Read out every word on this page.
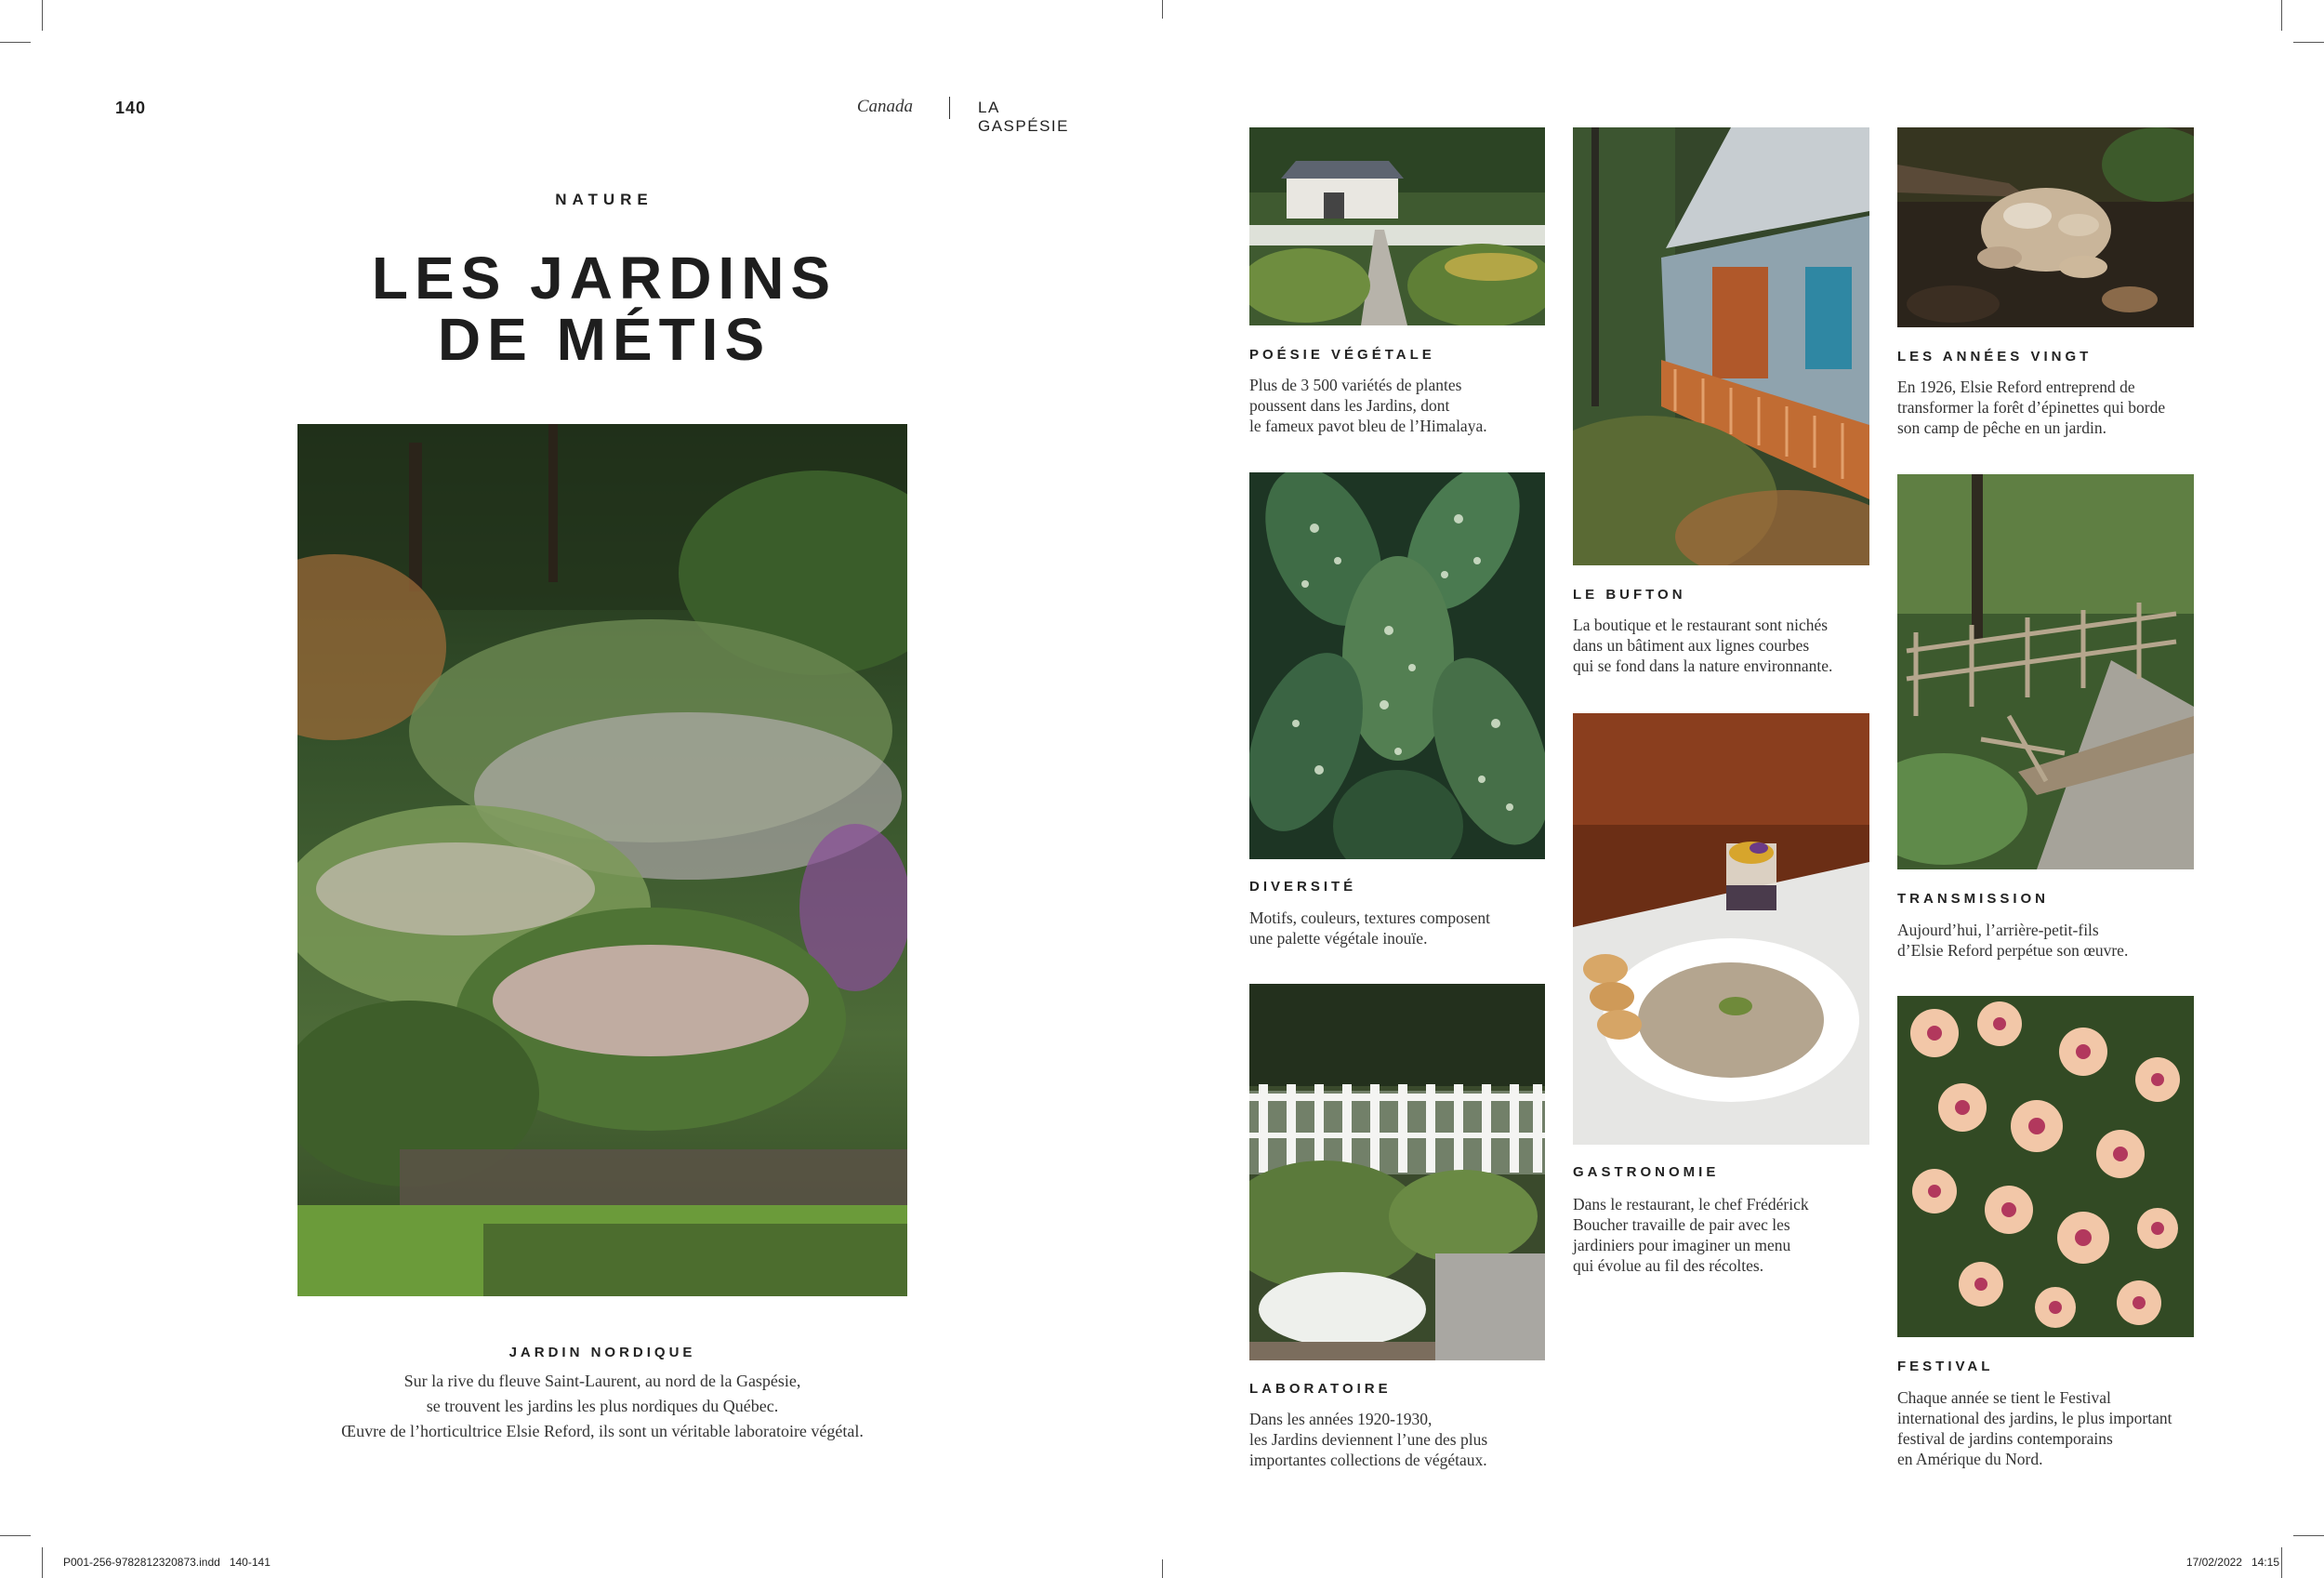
140	Canada	LA GASPÉSIE
NATURE
LES JARDINS
DE MÉTIS
JARDIN NORDIQUE
Sur la rive du fleuve Saint-Laurent, au nord de la Gaspésie,
se trouvent les jardins les plus nordiques du Québec.
Œuvre de l’horticultrice Elsie Reford, ils sont un véritable laboratoire végétal.
POÉSIE VÉGÉTALE
Plus de 3 500 variétés de plantes
poussent dans les Jardins, dont
le fameux pavot bleu de l’Himalaya.
DIVERSITÉ
Motifs, couleurs, textures composent
une palette végétale inouïe.
LABORATOIRE
Dans les années 1920-1930,
les Jardins deviennent l’une des plus
importantes collections de végétaux.
LE BUFTON
La boutique et le restaurant sont nichés
dans un bâtiment aux lignes courbes
qui se fond dans la nature environnante.
GASTRONOMIE
Dans le restaurant, le chef Frédérick
Boucher travaille de pair avec les
jardiniers pour imaginer un menu
qui évolue au fil des récoltes.
LES ANNÉES VINGT
En 1926, Elsie Reford entreprend de
transformer la forêt d’épinettes qui borde
son camp de pêche en un jardin.
TRANSMISSION
Aujourd’hui, l’arrière-petit-fils
d’Elsie Reford perpétue son œuvre.
FESTIVAL
Chaque année se tient le Festival
international des jardins, le plus important
festival de jardins contemporains
en Amérique du Nord.
P001-256-9782812320873.indd   140-141	17/02/2022   14:15
